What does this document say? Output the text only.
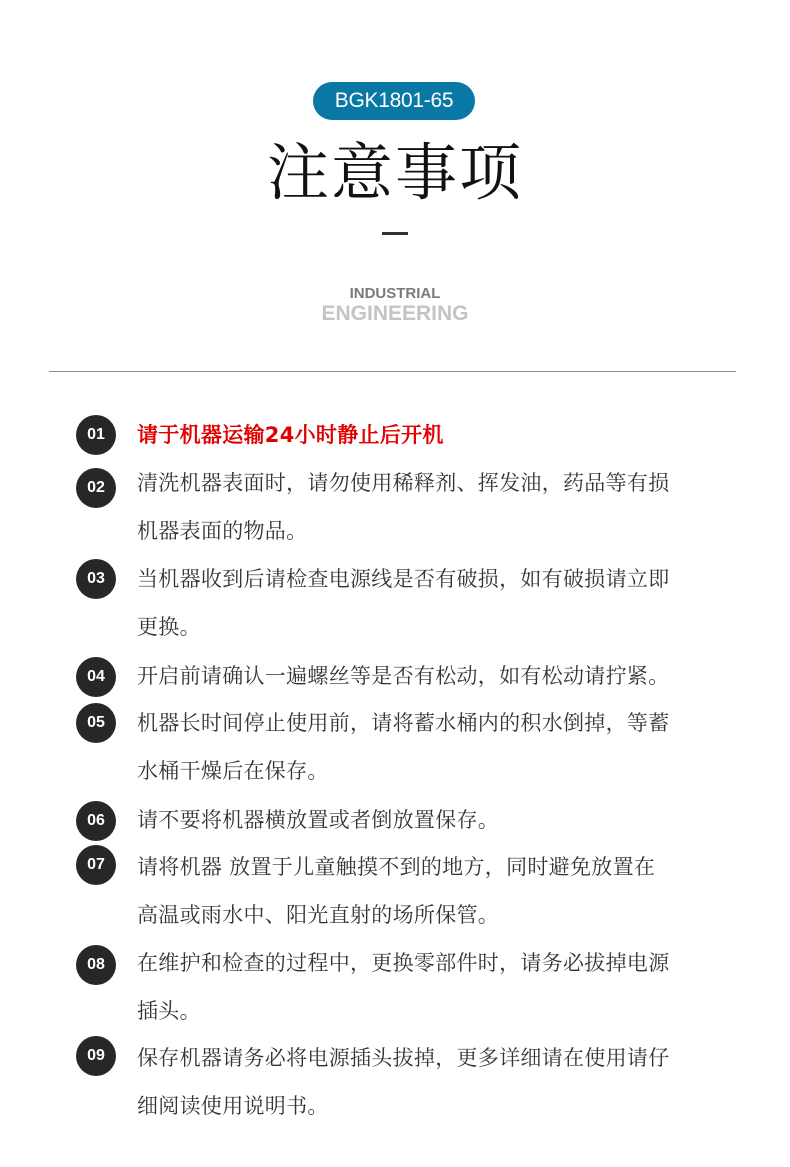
BGK1801-65
注意事项
INDUSTRIAL
ENGINEERING
01	请于机器运输24小时静止后开机
02	清洗机器表面时，请勿使用稀释剂、挥发油，药品等有损
机器表面的物品。
03	当机器收到后请检查电源线是否有破损，如有破损请立即
更换。
04	开启前请确认一遍螺丝等是否有松动，如有松动请拧紧。
05	机器长时间停止使用前，请将蓄水桶内的积水倒掉，等蓄
水桶干燥后在保存。
06	请不要将机器横放置或者倒放置保存。
07	请将机器 放置于儿童触摸不到的地方，同时避免放置在
高温或雨水中、阳光直射的场所保管。
08	在维护和检查的过程中，更换零部件时，请务必拔掉电源
插头。
09	保存机器请务必将电源插头拔掉，更多详细请在使用请仔
细阅读使用说明书。
